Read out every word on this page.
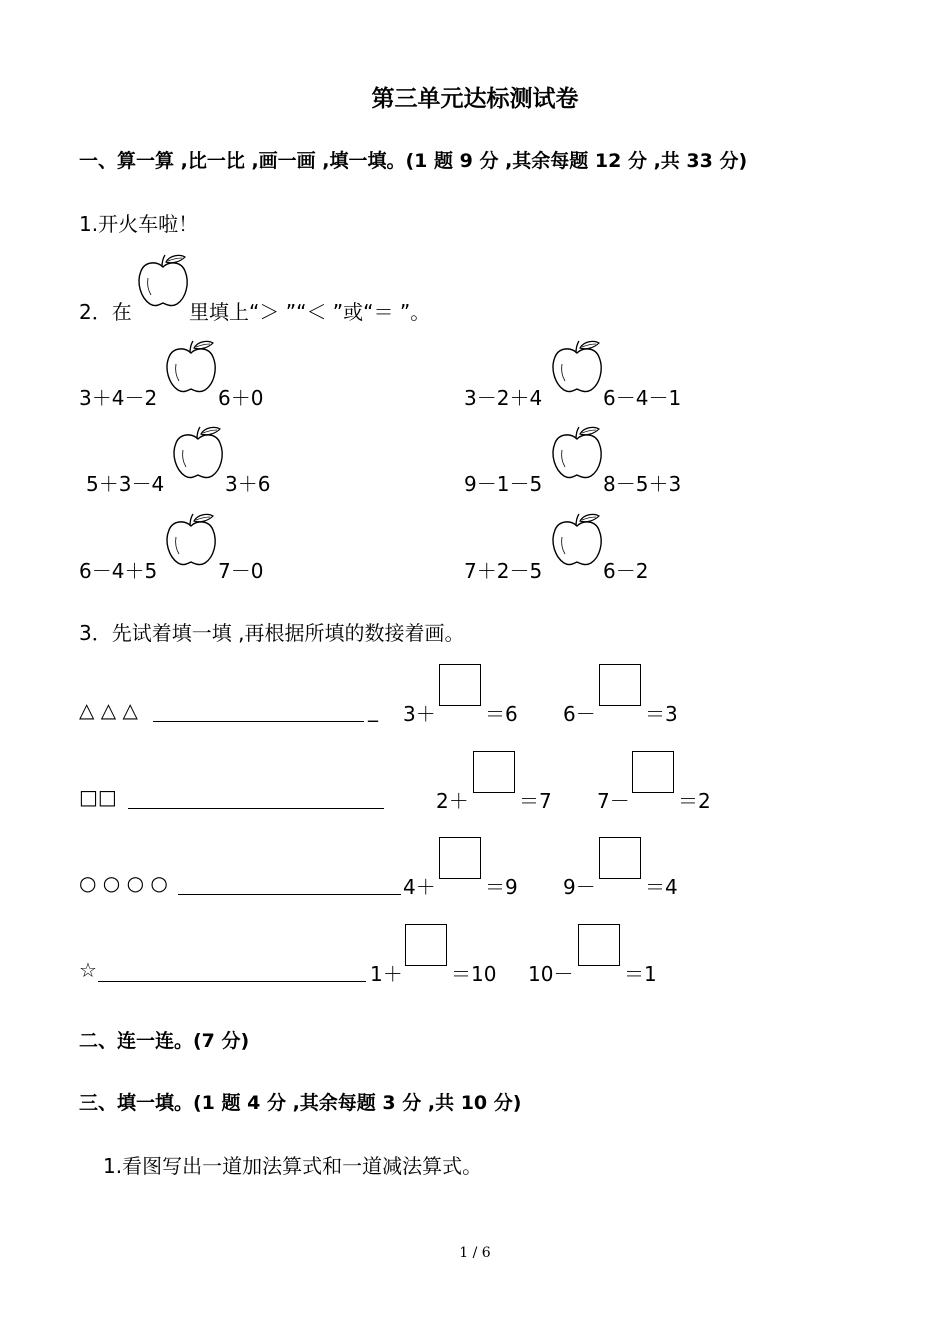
第三单元达标测试卷
一、算一算 ,比一比 ,画一画 ,填一填。(1 题 9 分 ,其余每题 12 分 ,共 33 分)
1.开火车啦！
2．在	里填上“＞ ”“＜ ”或“＝ ”。
3＋4－2	6＋0	3－2＋4	6－4－1
5＋3－4	3＋6	9－1－5	8－5＋3
6－4＋5	7－0	7＋2－5	6－2
3．先试着填一填 ,再根据所填的数接着画。
△ △ △	_ 3＋ ＝6 6－ ＝3
□□	2＋	＝7 7－ ＝2
○ ○ ○ ○	4＋ ＝9 9－ ＝4
☆	1＋ ＝10 10－	＝1
二、连一连。(7 分)
三、填一填。(1 题 4 分 ,其余每题 3 分 ,共 10 分)
1.看图写出一道加法算式和一道减法算式。
1 / 6
